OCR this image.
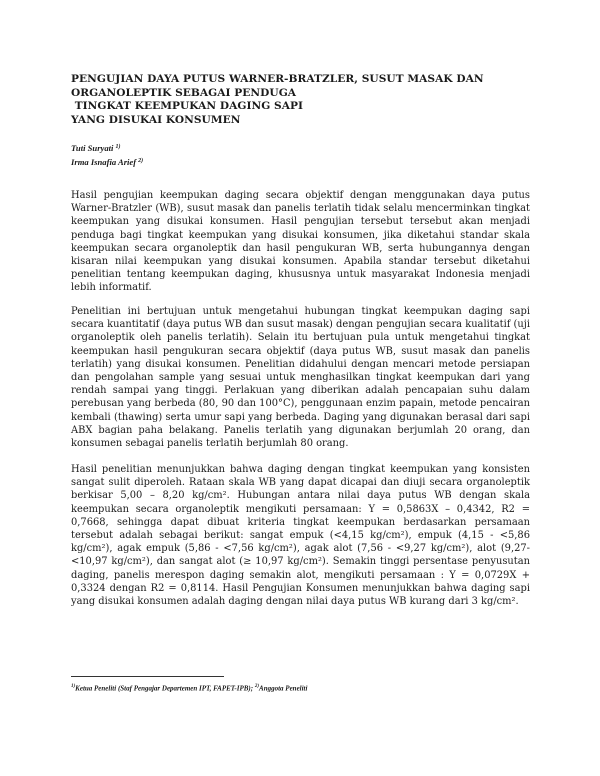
PENGUJIAN DAYA PUTUS WARNER-BRATZLER, SUSUT MASAK DAN
ORGANOLEPTIK SEBAGAI PENDUGA
TINGKAT KEEMPUKAN DAGING SAPI
YANG DISUKAI KONSUMEN
Tuti Suryati $^{1)}$
Irma Isnafia Arief $^{2)}$

Hasil pengujian keempukan daging secara objektif dengan menggunakan daya putus Warner-Bratzler (WB), susut masak dan panelis terlatih tidak selalu mencerminkan tingkat keempukan yang disukai konsumen. Hasil pengujian tersebut tersebut akan menjadi penduga bagi tingkat keempukan yang disukai konsumen, jika diketahui standar skala keempukan secara organoleptik dan hasil pengukuran WB, serta hubungannya dengan kisaran nilai keempukan yang disukai konsumen. Apabila standar tersebut diketahui penelitian tentang keempukan daging, khususnya untuk masyarakat Indonesia menjadi lebih informatif.

Penelitian ini bertujuan untuk mengetahui hubungan tingkat keempukan daging sapi secara kuantitatif (daya putus WB dan susut masak) dengan pengujian secara kualitatif (uji organoleptik oleh panelis terlatih). Selain itu bertujuan pula untuk mengetahui tingkat keempukan hasil pengukuran secara objektif (daya putus WB, susut masak dan panelis terlatih) yang disukai konsumen. Penelitian didahului dengan mencari metode persiapan dan pengolahan sample yang sesuai untuk menghasilkan tingkat keempukan dari yang rendah sampai yang tinggi. Perlakuan yang diberikan adalah pencapaian suhu dalam perebusan yang berbeda (80, 90 dan 100°C), penggunaan enzim papain, metode pencairan kembali (thawing) serta umur sapi yang berbeda. Daging yang digunakan berasal dari sapi ABX bagian paha belakang. Panelis terlatih yang digunakan berjumlah 20 orang, dan konsumen sebagai panelis terlatih berjumlah 80 orang.

Hasil penelitian menunjukkan bahwa daging dengan tingkat keempukan yang konsisten sangat sulit diperoleh. Rataan skala WB yang dapat dicapai dan diuji secara organoleptik berkisar 5,00 – 8,20 kg/cm². Hubungan antara nilai daya putus WB dengan skala keempukan secara organoleptik mengikuti persamaan: Y = 0,5863X – 0,4342, R2 = 0,7668, sehingga dapat dibuat kriteria tingkat keempukan berdasarkan persamaan tersebut adalah sebagai berikut: sangat empuk (<4,15 kg/cm²), empuk (4,15 - <5,86 kg/cm²), agak empuk (5,86 - <7,56 kg/cm²), agak alot (7,56 - <9,27 kg/cm²), alot (9,27-<10,97 kg/cm²), dan sangat alot (≥ 10,97 kg/cm²). Semakin tinggi persentase penyusutan daging, panelis merespon daging semakin alot, mengikuti persamaan : Y = 0,0729X + 0,3324 dengan R2 = 0,8114. Hasil Pengujian Konsumen menunjukkan bahwa daging sapi yang disukai konsumen adalah daging dengan nilai daya putus WB kurang dari 3 kg/cm².

$^{1)}$Ketua Peneliti (Staf Pengajar Departemen IPT, FAPET-IPB); $^{2)}$Anggota Peneliti
